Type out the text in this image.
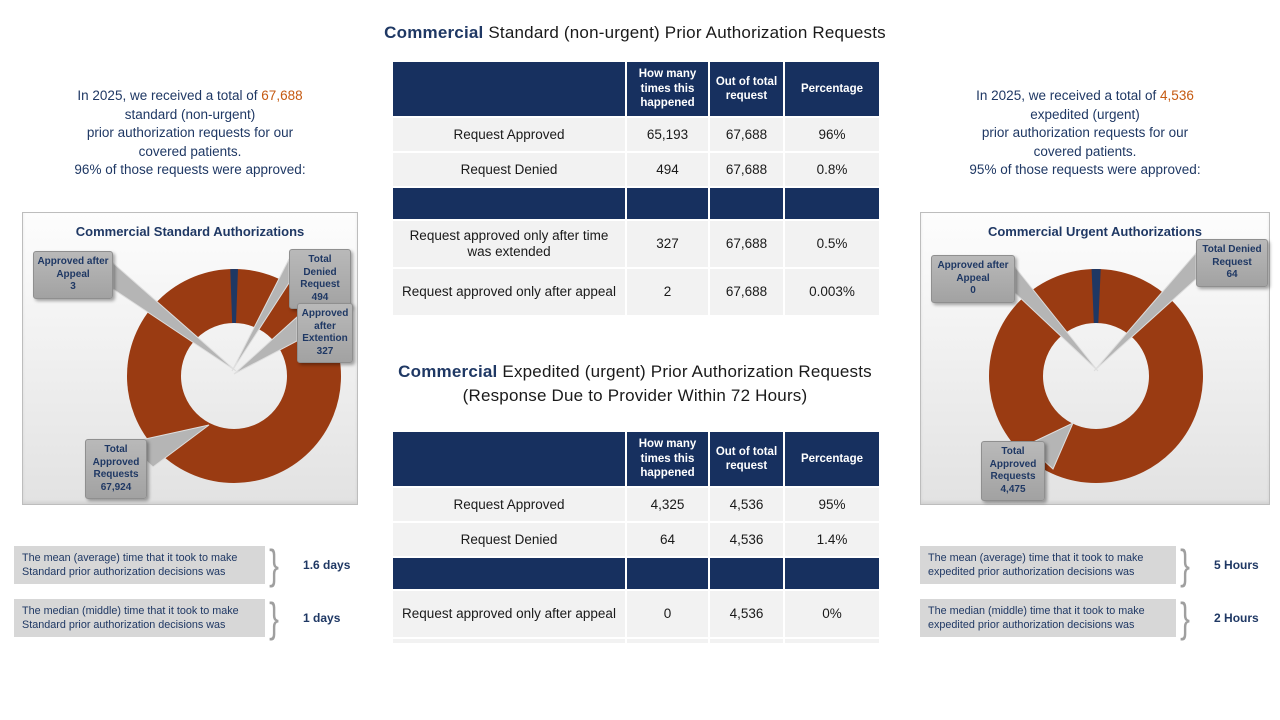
Commercial Standard (non-urgent) Prior Authorization Requests
In 2025, we received a total of 67,688
standard (non-urgent)
prior authorization requests for our
covered patients.
96% of those requests were approved:
In 2025, we received a total of 4,536
expedited (urgent)
prior authorization requests for our
covered patients.
95% of those requests were approved:
Commercial Standard Authorizations
Approved after Appeal
3
Total Denied Request
494
Approved after Extention
327
Total Approved Requests
67,924
Commercial Urgent Authorizations
Approved after Appeal
0
Total Denied Request
64
Total Approved Requests
4,475
How many times this happened
Out of total request
Percentage
Request Approved	65,193	67,688	96%
Request Denied	494	67,688	0.8%
Request approved only after time was extended
327	67,688	0.5%
Request approved only after appeal	2	67,688	0.003%
Commercial Expedited (urgent) Prior Authorization Requests
(Response Due to Provider Within 72 Hours)
How many times this happened
Out of total request
Percentage
Request Approved	4,325	4,536	95%
Request Denied	64	4,536	1.4%
Request approved only after appeal	0	4,536	0%
The mean (average) time that it took to make
Standard prior authorization decisions was	} 1.6 days
The median (middle) time that it took to make
Standard prior authorization decisions was	} 1 days
The mean (average) time that it took to make
expedited prior authorization decisions was	} 5 Hours
The median (middle) time that it took to make
expedited prior authorization decisions was	} 2 Hours
